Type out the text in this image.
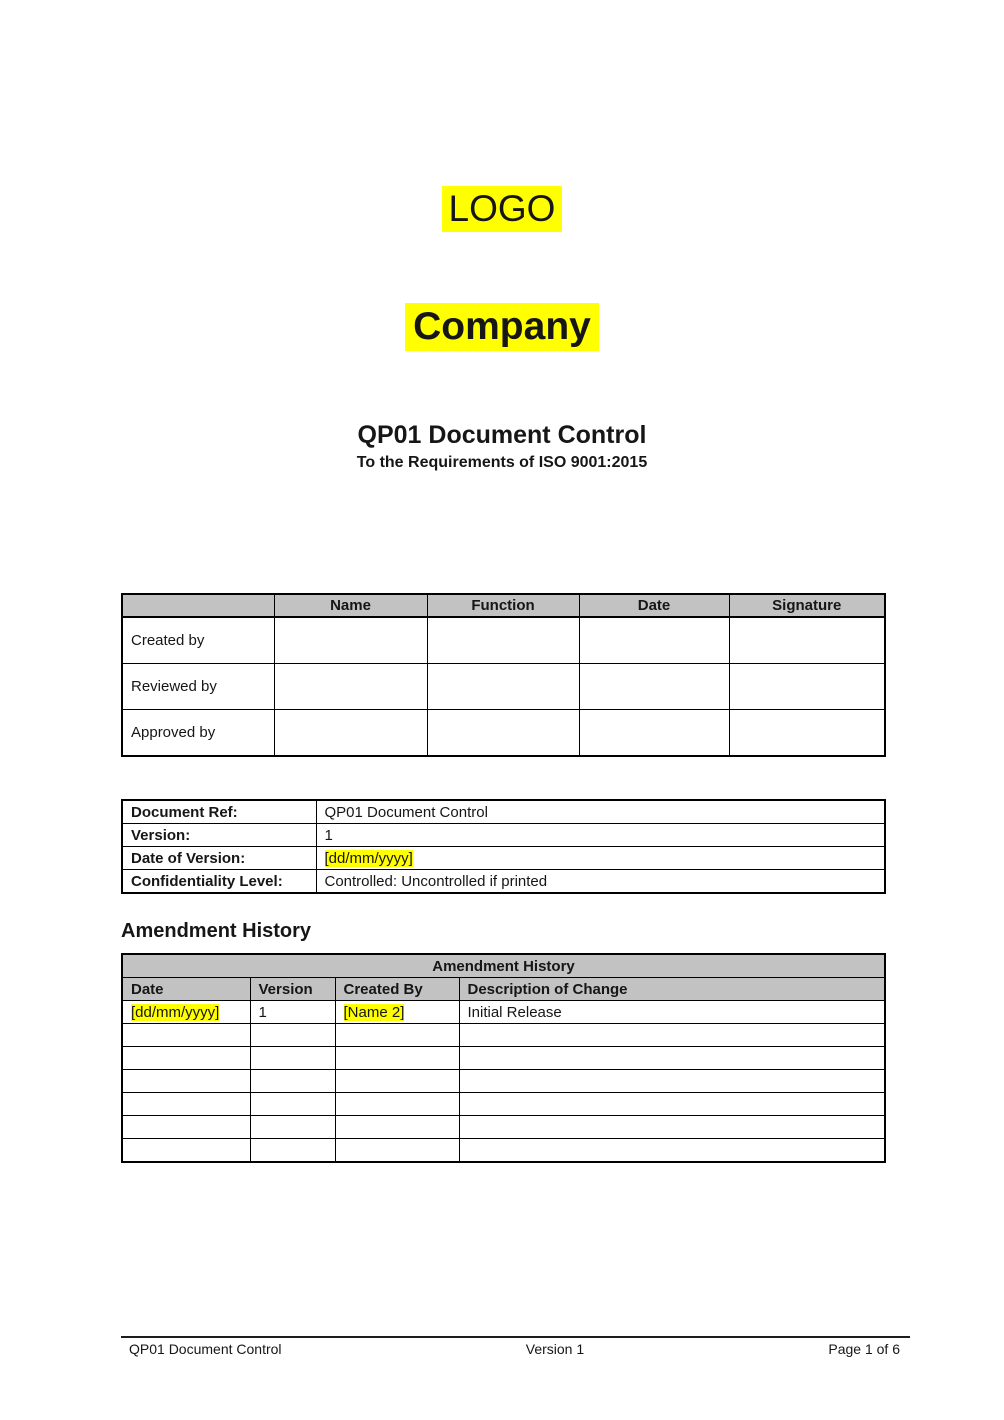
LOGO
Company
QP01 Document Control
To the Requirements of ISO 9001:2015
	Name	Function	Date	Signature
Created by				
Reviewed by				
Approved by				
Document Ref:	QP01 Document Control
Version:	1
Date of Version:	[dd/mm/yyyy]
Confidentiality Level:	Controlled: Uncontrolled if printed
Amendment History
Amendment History			
Date	Version	Created By	Description of Change
[dd/mm/yyyy]	1	[Name 2]	Initial Release

QP01 Document Control	Version 1	Page 1 of 6
